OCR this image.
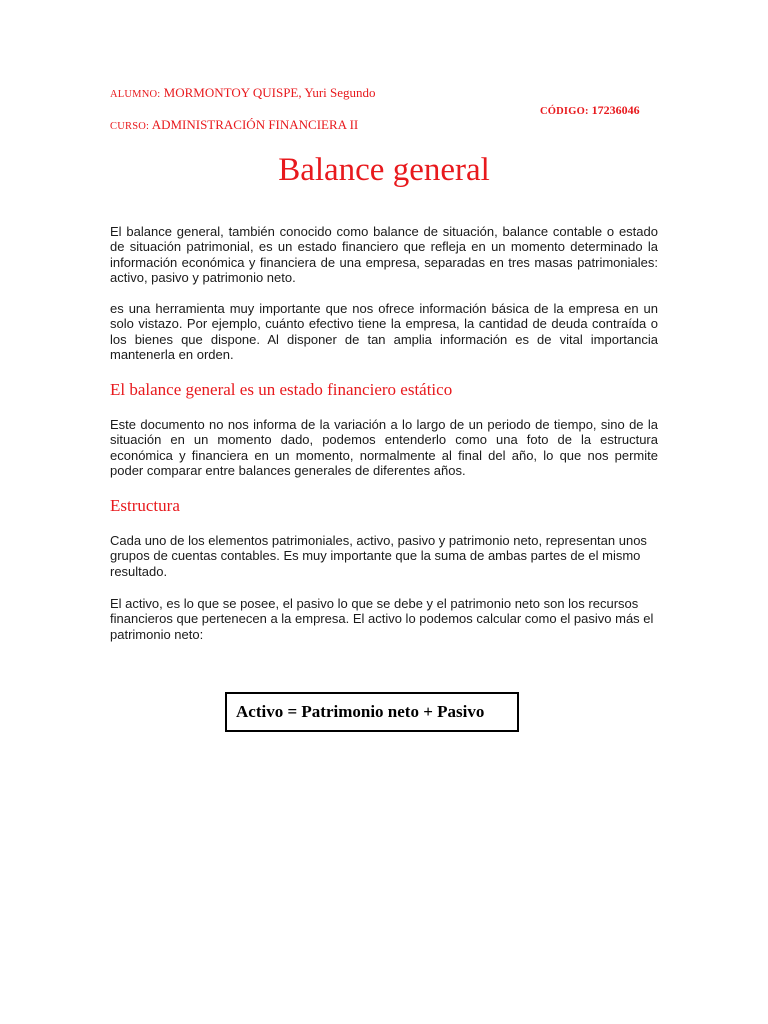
ALUMNO: MORMONTOY QUISPE, Yuri Segundo
CÓDIGO: 17236046
CURSO: ADMINISTRACIÓN FINANCIERA II
Balance general

El balance general, también conocido como balance de situación, balance contable o estado de situación patrimonial, es un estado financiero que refleja en un momento determinado la información económica y financiera de una empresa, separadas en tres masas patrimoniales: activo, pasivo y patrimonio neto.

es una herramienta muy importante que nos ofrece información básica de la empresa en un solo vistazo. Por ejemplo, cuánto efectivo tiene la empresa, la cantidad de deuda contraída o los bienes que dispone. Al disponer de tan amplia información es de vital importancia mantenerla en orden.

El balance general es un estado financiero estático

Este documento no nos informa de la variación a lo largo de un periodo de tiempo, sino de la situación en un momento dado, podemos entenderlo como una foto de la estructura económica y financiera en un momento, normalmente al final del año, lo que nos permite poder comparar entre balances generales de diferentes años.

Estructura

Cada uno de los elementos patrimoniales, activo, pasivo y patrimonio neto, representan unos grupos de cuentas contables. Es muy importante que la suma de ambas partes de el mismo resultado.

El activo, es lo que se posee, el pasivo lo que se debe y el patrimonio neto son los recursos financieros que pertenecen a la empresa. El activo lo podemos calcular como el pasivo más el patrimonio neto:

Activo = Patrimonio neto + Pasivo
